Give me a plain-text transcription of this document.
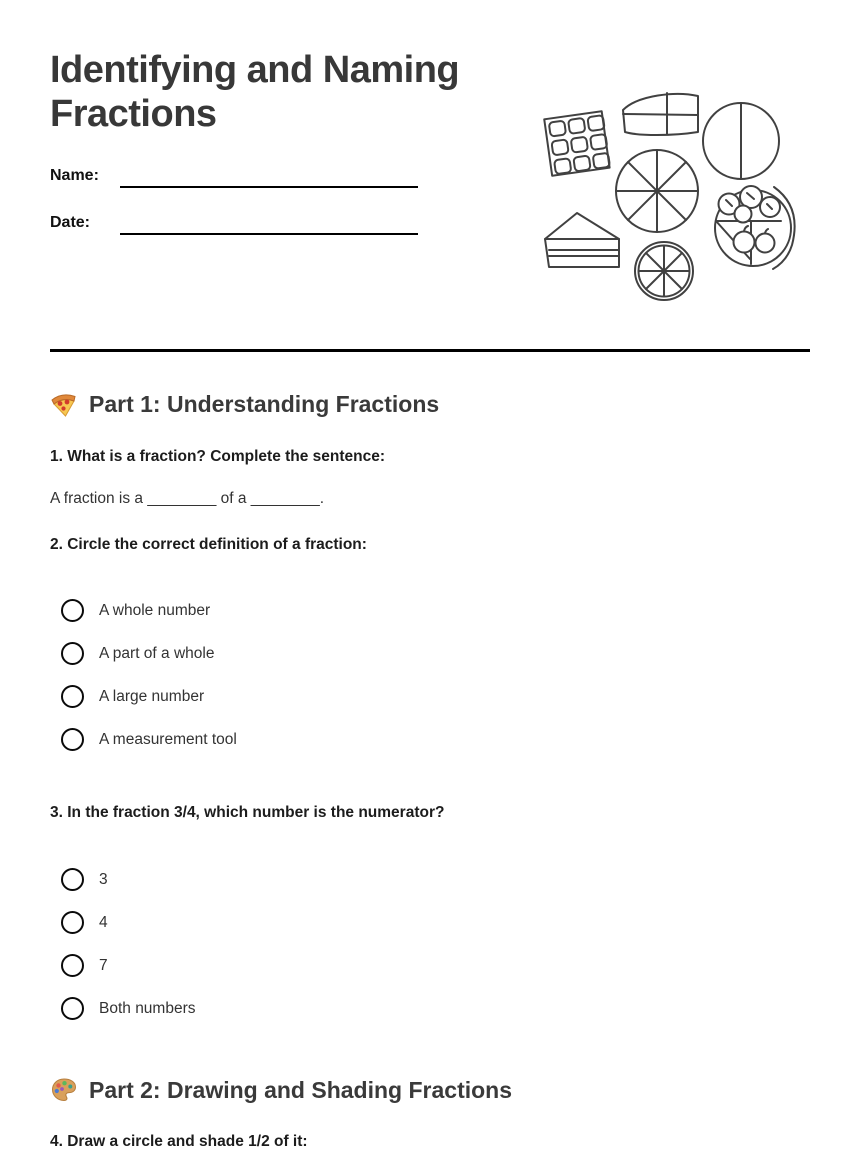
Identifying and Naming Fractions
Name:
Date:
Part 1: Understanding Fractions

1. What is a fraction? Complete the sentence:

A fraction is a ________ of a ________.

2. Circle the correct definition of a fraction:

A whole number
A part of a whole
A large number
A measurement tool

3. In the fraction 3/4, which number is the numerator?

3
4
7
Both numbers
Part 2: Drawing and Shading Fractions

4. Draw a circle and shade 1/2 of it:
